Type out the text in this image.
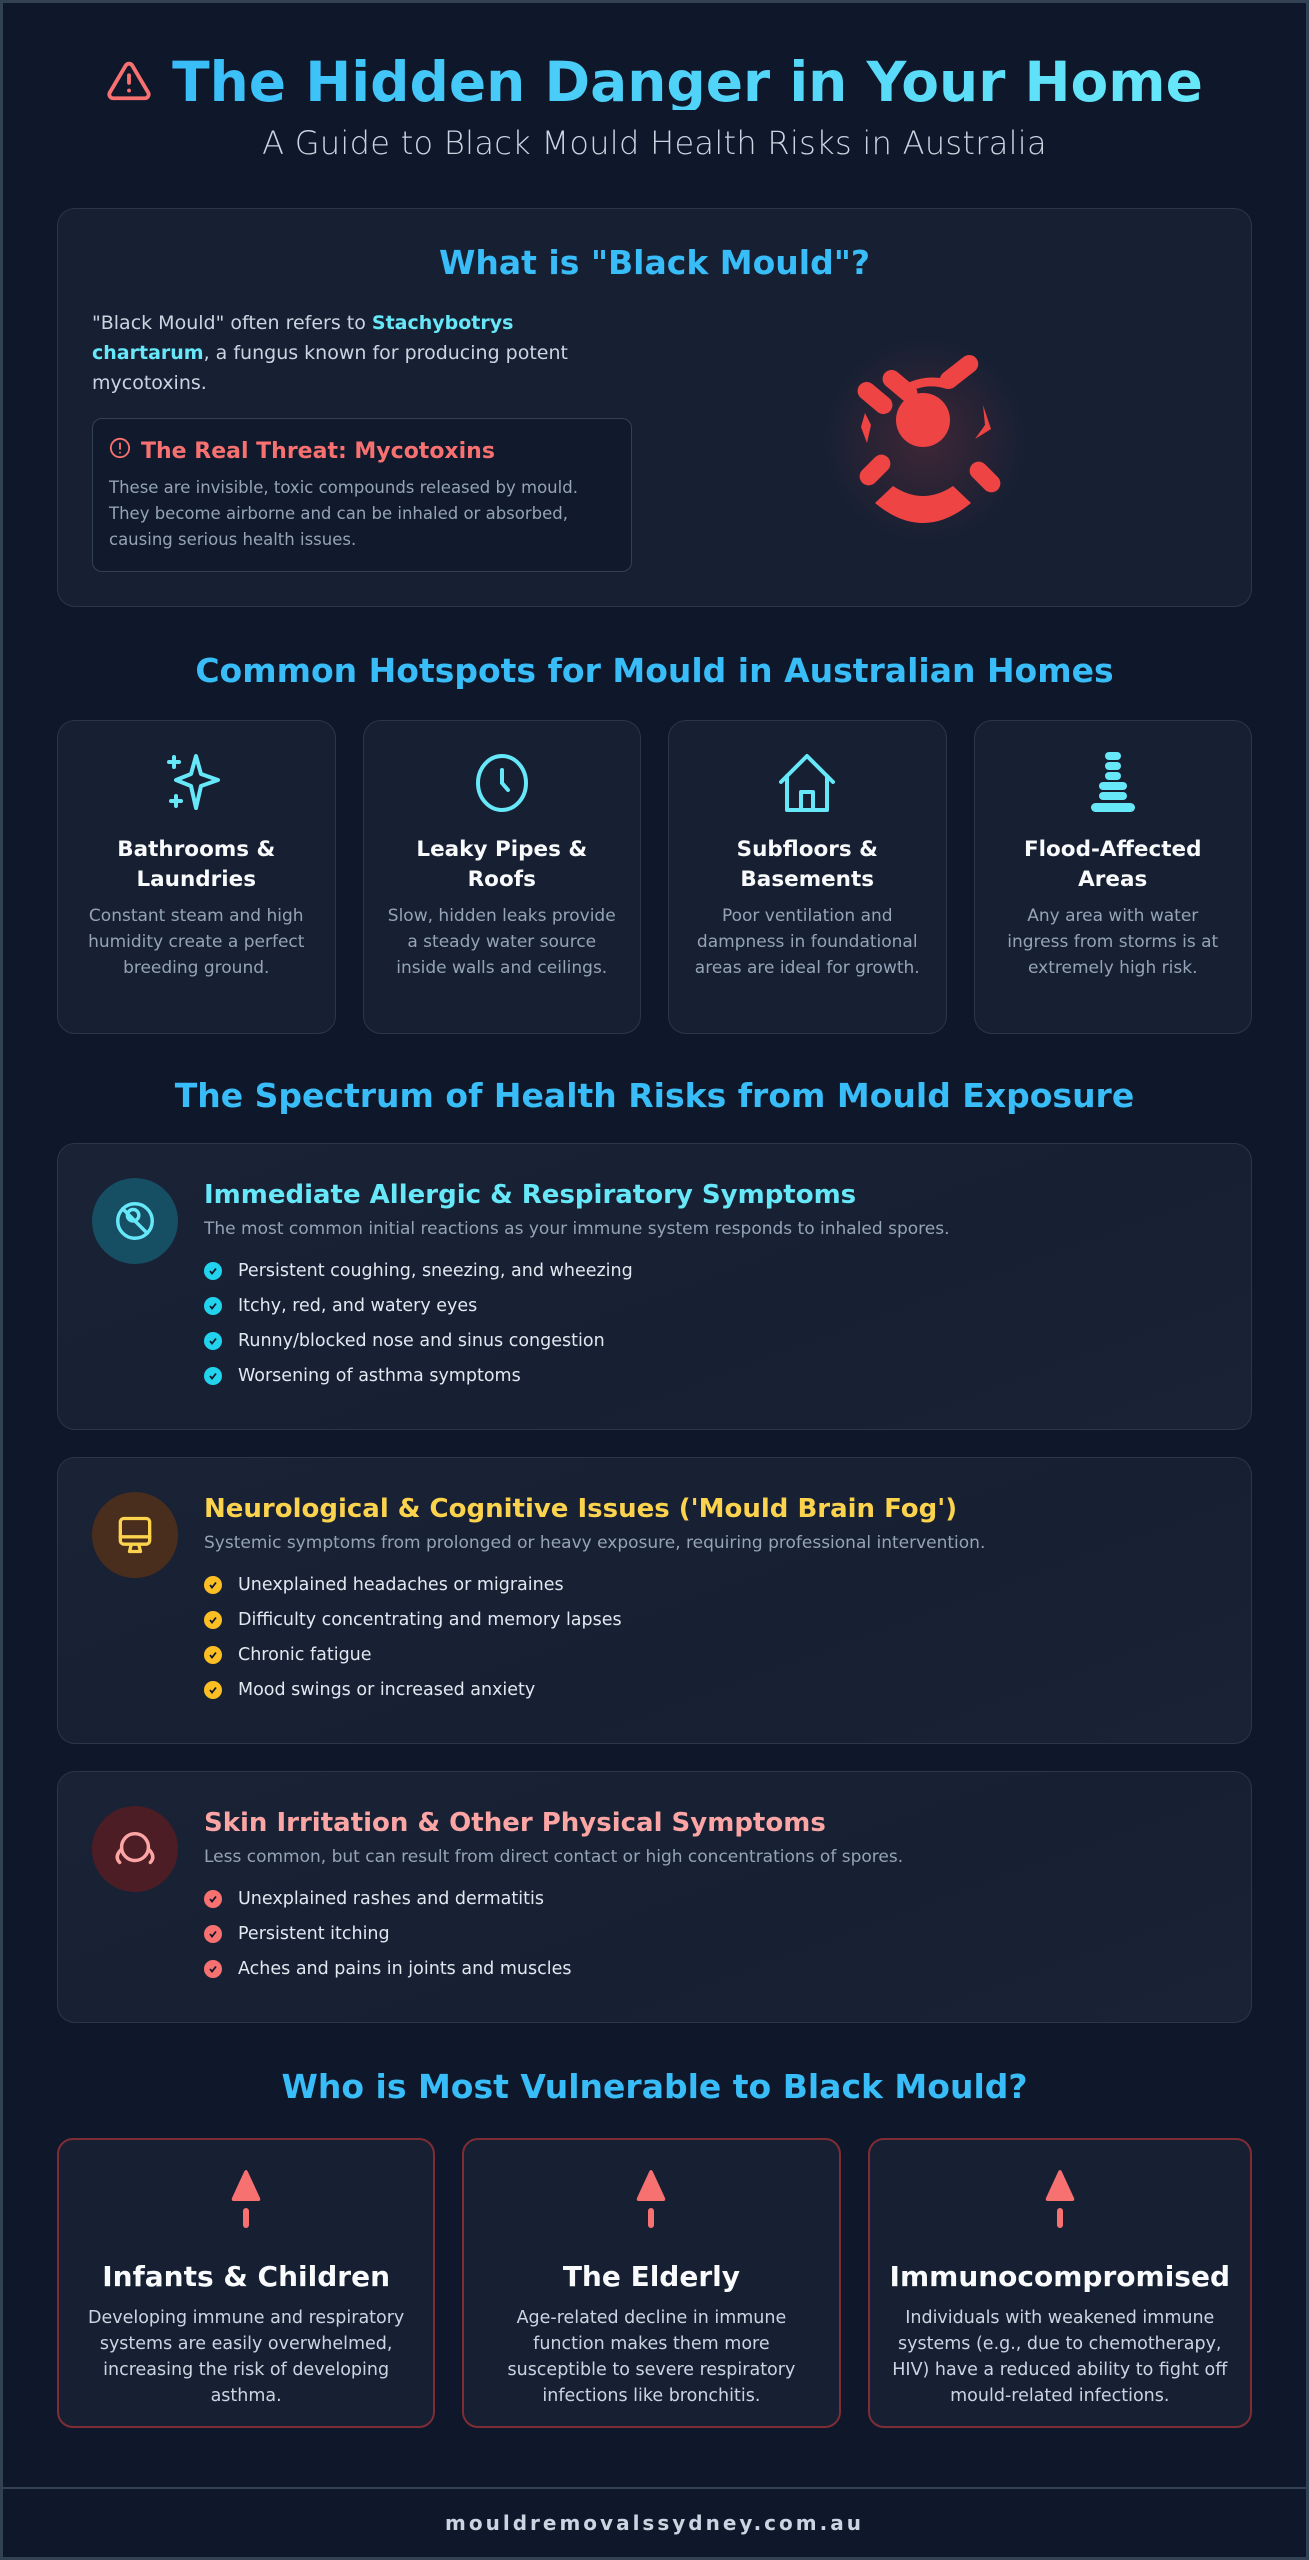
The Hidden Danger in Your Home
A Guide to Black Mould Health Risks in Australia
What is "Black Mould"?

"Black Mould" often refers to Stachybotrys chartarum, a fungus known for producing potent mycotoxins.

The Real Threat: Mycotoxins

These are invisible, toxic compounds released by mould. They become airborne and can be inhaled or absorbed, causing serious health issues.

Common Hotspots for Mould in Australian Homes
Bathrooms & Laundries
Constant steam and high humidity create a perfect breeding ground.
Leaky Pipes & Roofs
Slow, hidden leaks provide a steady water source inside walls and ceilings.
Subfloors & Basements
Poor ventilation and dampness in foundational areas are ideal for growth.
Flood-Affected Areas
Any area with water ingress from storms is at extremely high risk.
The Spectrum of Health Risks from Mould Exposure
Immediate Allergic & Respiratory Symptoms
The most common initial reactions as your immune system responds to inhaled spores.
Persistent coughing, sneezing, and wheezing
Itchy, red, and watery eyes
Runny/blocked nose and sinus congestion
Worsening of asthma symptoms
Neurological & Cognitive Issues ('Mould Brain Fog')
Systemic symptoms from prolonged or heavy exposure, requiring professional intervention.
Unexplained headaches or migraines
Difficulty concentrating and memory lapses
Chronic fatigue
Mood swings or increased anxiety
Skin Irritation & Other Physical Symptoms
Less common, but can result from direct contact or high concentrations of spores.
Unexplained rashes and dermatitis
Persistent itching
Aches and pains in joints and muscles
Who is Most Vulnerable to Black Mould?
Infants & Children
Developing immune and respiratory systems are easily overwhelmed, increasing the risk of developing asthma.
The Elderly
Age-related decline in immune function makes them more susceptible to severe respiratory infections like bronchitis.
Immunocompromised
Individuals with weakened immune systems (e.g., due to chemotherapy, HIV) have a reduced ability to fight off mould-related infections.
mouldremovalssydney.com.au
